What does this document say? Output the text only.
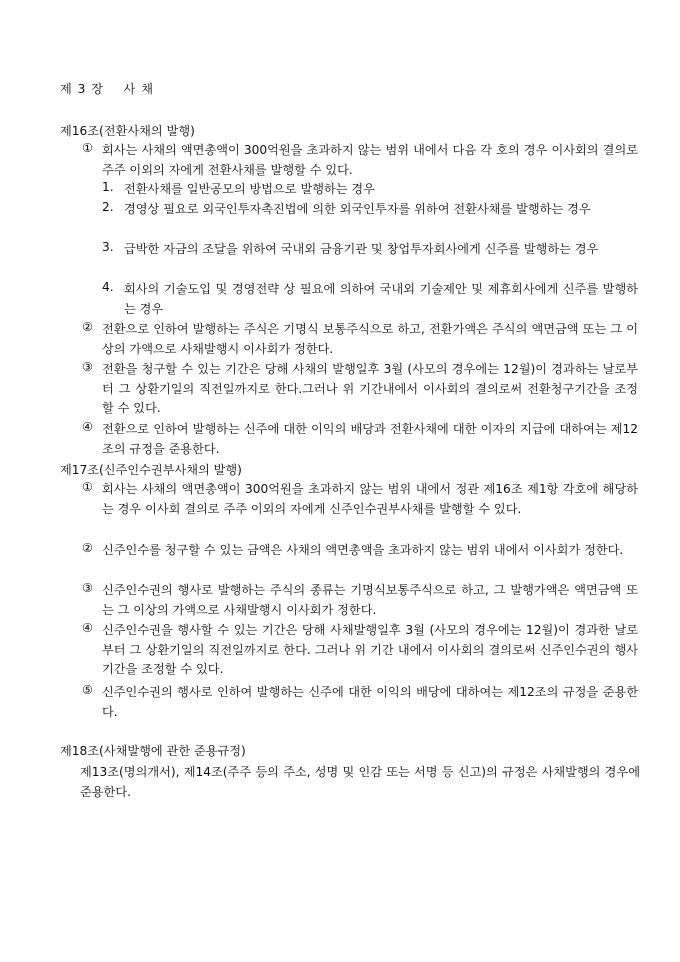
제 3 장    사 채
제16조(전환사채의 발행)
① 회사는 사채의 액면총액이 300억원을 초과하지 않는 범위 내에서 다음 각 호의 경우 이사회의 결의로 주주 이외의 자에게 전환사채를 발행할 수 있다.
1. 전환사채를 일반공모의 방법으로 발행하는 경우
2. 경영상 필요로 외국인투자촉진법에 의한 외국인투자를 위하여 전환사채를 발행하는 경우
3. 급박한 자금의 조달을 위하여 국내외 금융기관 및 창업투자회사에게 신주를 발행하는 경우
4. 회사의 기술도입 및 경영전략 상 필요에 의하여 국내외 기술제안 및 제휴회사에게 신주를 발행하는 경우
② 전환으로 인하여 발행하는 주식은 기명식 보통주식으로 하고, 전환가액은 주식의 액면금액 또는 그 이상의 가액으로 사채발행시 이사회가 정한다.
③ 전환을 청구할 수 있는 기간은 당해 사채의 발행일후 3월 (사모의 경우에는 12월)이 경과하는 날로부터 그 상환기일의 직전일까지로 한다.그러나 위 기간내에서 이사회의 결의로써 전환청구기간을 조정할 수 있다.
④ 전환으로 인하여 발행하는 신주에 대한 이익의 배당과 전환사채에 대한 이자의 지급에 대하여는 제12조의 규정을 준용한다.
제17조(신주인수권부사채의 발행)
① 회사는 사채의 액면총액이 300억원을 초과하지 않는 범위 내에서 정관 제16조 제1항 각호에 해당하는 경우 이사회 결의로 주주 이외의 자에게 신주인수권부사채를 발행할 수 있다.
② 신주인수를 청구할 수 있는 금액은 사채의 액면총액을 초과하지 않는 범위 내에서 이사회가 정한다.
③ 신주인수권의 행사로 발행하는 주식의 종류는 기명식보통주식으로 하고, 그 발행가액은 액면금액 또는 그 이상의 가액으로 사채발행시 이사회가 정한다.
④ 신주인수권을 행사할 수 있는 기간은 당해 사채발행일후 3월 (사모의 경우에는 12월)이 경과한 날로부터 그 상환기일의 직전일까지로 한다. 그러나 위 기간 내에서 이사회의 결의로써 신주인수권의 행사기간을 조정할 수 있다.
⑤ 신주인수권의 행사로 인하여 발행하는 신주에 대한 이익의 배당에 대하여는 제12조의 규정을 준용한다.
제18조(사채발행에 관한 준용규정)
제13조(명의개서), 제14조(주주 등의 주소, 성명 및 인감 또는 서명 등 신고)의 규정은 사채발행의 경우에 준용한다.
